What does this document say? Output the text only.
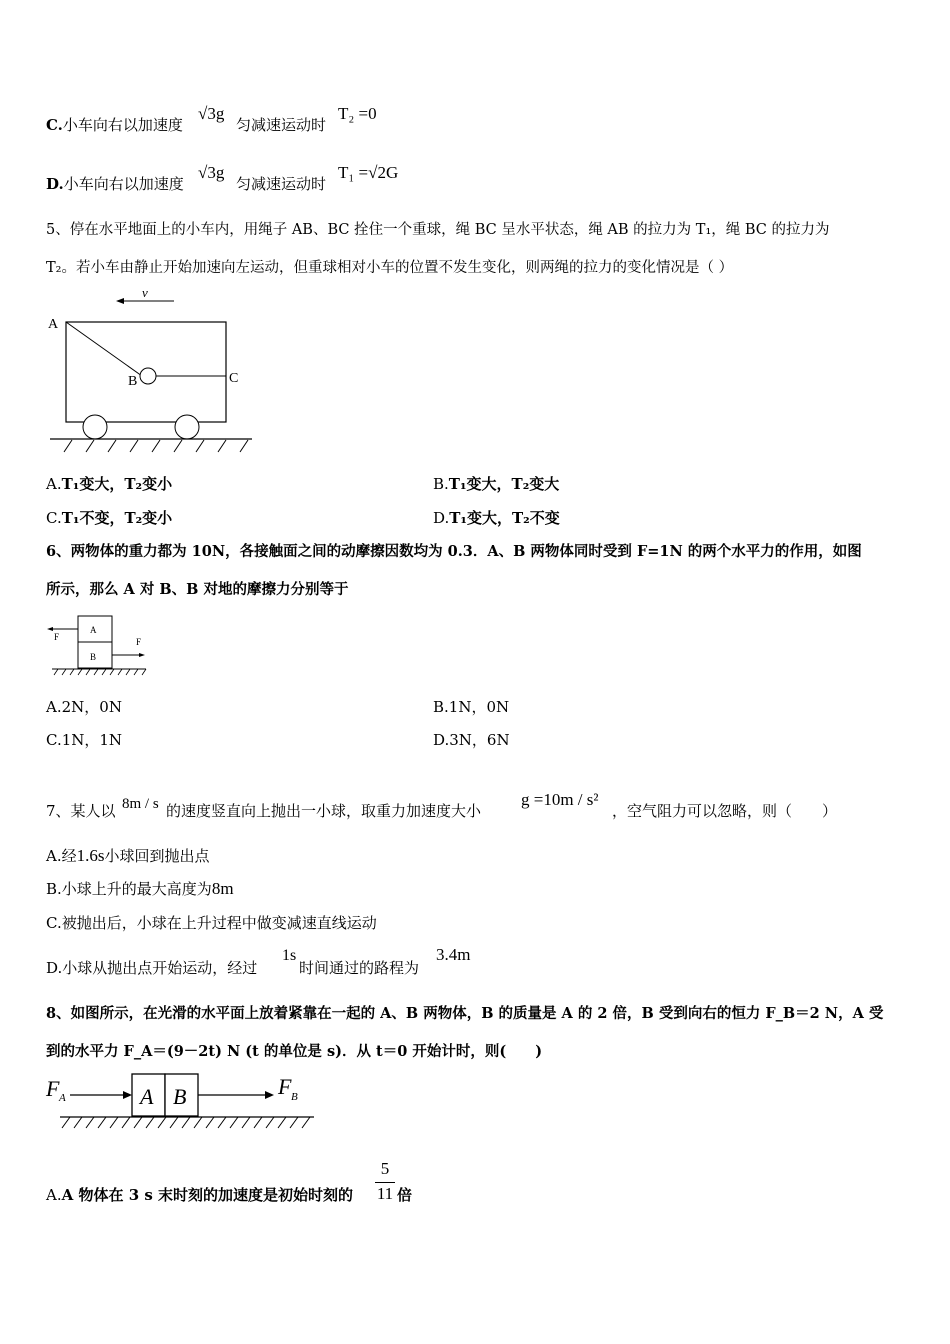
C.小车向右以加速度
√3g
匀减速运动时
T₂ =0
D.小车向右以加速度
√3g
匀减速运动时
T₁ =√2G
5、停在水平地面上的小车内，用绳子 AB、BC 拴住一个重球，绳 BC 呈水平状态，绳 AB 的拉力为 T₁，绳 BC 的拉力为
T₂。若小车由静止开始加速向左运动，但重球相对小车的位置不发生变化，则两绳的拉力的变化情况是（ ）
v
A
B	C
A.T₁变大，T₂变小	B.T₁变大，T₂变大
C.T₁不变，T₂变小	D.T₁变大，T₂不变
6、两物体的重力都为 10N，各接触面之间的动摩擦因数均为 0.3．A、B 两物体同时受到 F=1N 的两个水平力的作用，如图
所示，那么 A 对 B、B 对地的摩擦力分别等于
A
B
F	F
A.2N，0N	B.1N，0N
C.1N，1N	D.3N，6N
7、某人以 8m / s 的速度竖直向上抛出一小球，取重力加速度大小
g =10m / s²
，空气阻力可以忽略，则（　　）
A.经1.6s小球回到抛出点
B.小球上升的最大高度为8m
C.被抛出后，小球在上升过程中做变减速直线运动
D.小球从抛出点开始运动，经过
1s
时间通过的路程为
3.4m
8、如图所示，在光滑的水平面上放着紧靠在一起的 A、B 两物体，B 的质量是 A 的 2 倍，B 受到向右的恒力 F_B＝2 N，A 受
到的水平力 F_A＝(9－2t) N (t 的单位是 s)．从 t＝0 开始计时，则(　　)
F A	A B	F B
A.A 物体在 3 s 末时刻的加速度是初始时刻的
5
11 倍
